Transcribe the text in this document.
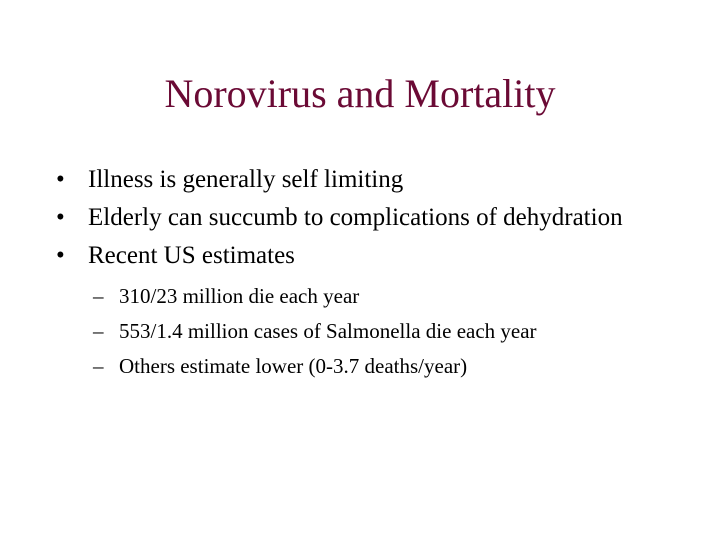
Norovirus and Mortality
•
Illness is generally self limiting
•
Elderly can succumb to complications of dehydration
•
Recent US estimates
–
310/23 million die each year
–
553/1.4 million cases of Salmonella die each year
–
Others estimate lower (0-3.7 deaths/year)
